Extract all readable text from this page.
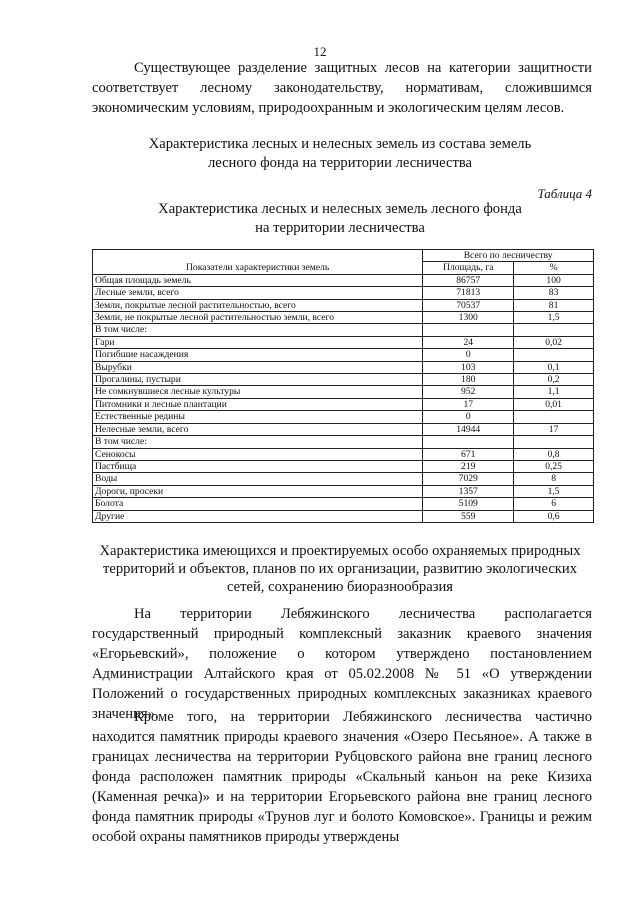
12

Существующее разделение защитных лесов на категории защитности соответствует лесному законодательству, нормативам, сложившимся экономическим условиям, природоохранным и экологическим целям лесов.

Характеристика лесных и нелесных земель из состава земель
лесного фонда на территории лесничества
Таблица 4
Характеристика лесных и нелесных земель лесного фонда
на территории лесничества
Показатели характеристики земель	Всего по лесничеству	
	Площадь, га	%
Общая площадь земель	86757	100
Лесные земли, всего	71813	83
Земли, покрытые лесной растительностью, всего	70537	81
Земли, не покрытые лесной растительностью земли, всего	1300	1,5
В том числе:		
Гари	24	0,02
Погибшие насаждения	0	
Вырубки	103	0,1
Прогалины, пустыри	180	0,2
Не сомкнувшиеся лесные культуры	952	1,1
Питомники и лесные плантации	17	0,01
Естественные редины	0	
Нелесные земли, всего	14944	17
В том числе:		
Сенокосы	671	0,8
Пастбища	219	0,25
Воды	7029	8
Дороги, просеки	1357	1,5
Болота	5109	6
Другие	559	0,6
Характеристика имеющихся и проектируемых особо охраняемых природных
территорий и объектов, планов по их организации, развитию экологических
сетей, сохранению биоразнообразия

На территории Лебяжинского лесничества располагается государственный природный комплексный заказник краевого значения «Егорьевский», положение о котором утверждено постановлением Администрации Алтайского края от 05.02.2008 № 51 «О утверждении Положений о государственных природных комплексных заказниках краевого значения».

Кроме того, на территории Лебяжинского лесничества частично находится памятник природы краевого значения «Озеро Песьяное». А также в границах лесничества на территории Рубцовского района вне границ лесного фонда расположен памятник природы «Скальный каньон на реке Кизиха (Каменная речка)» и на территории Егорьевского района вне границ лесного фонда памятник природы «Трунов луг и болото Комовское». Границы и режим особой охраны памятников природы утверждены
